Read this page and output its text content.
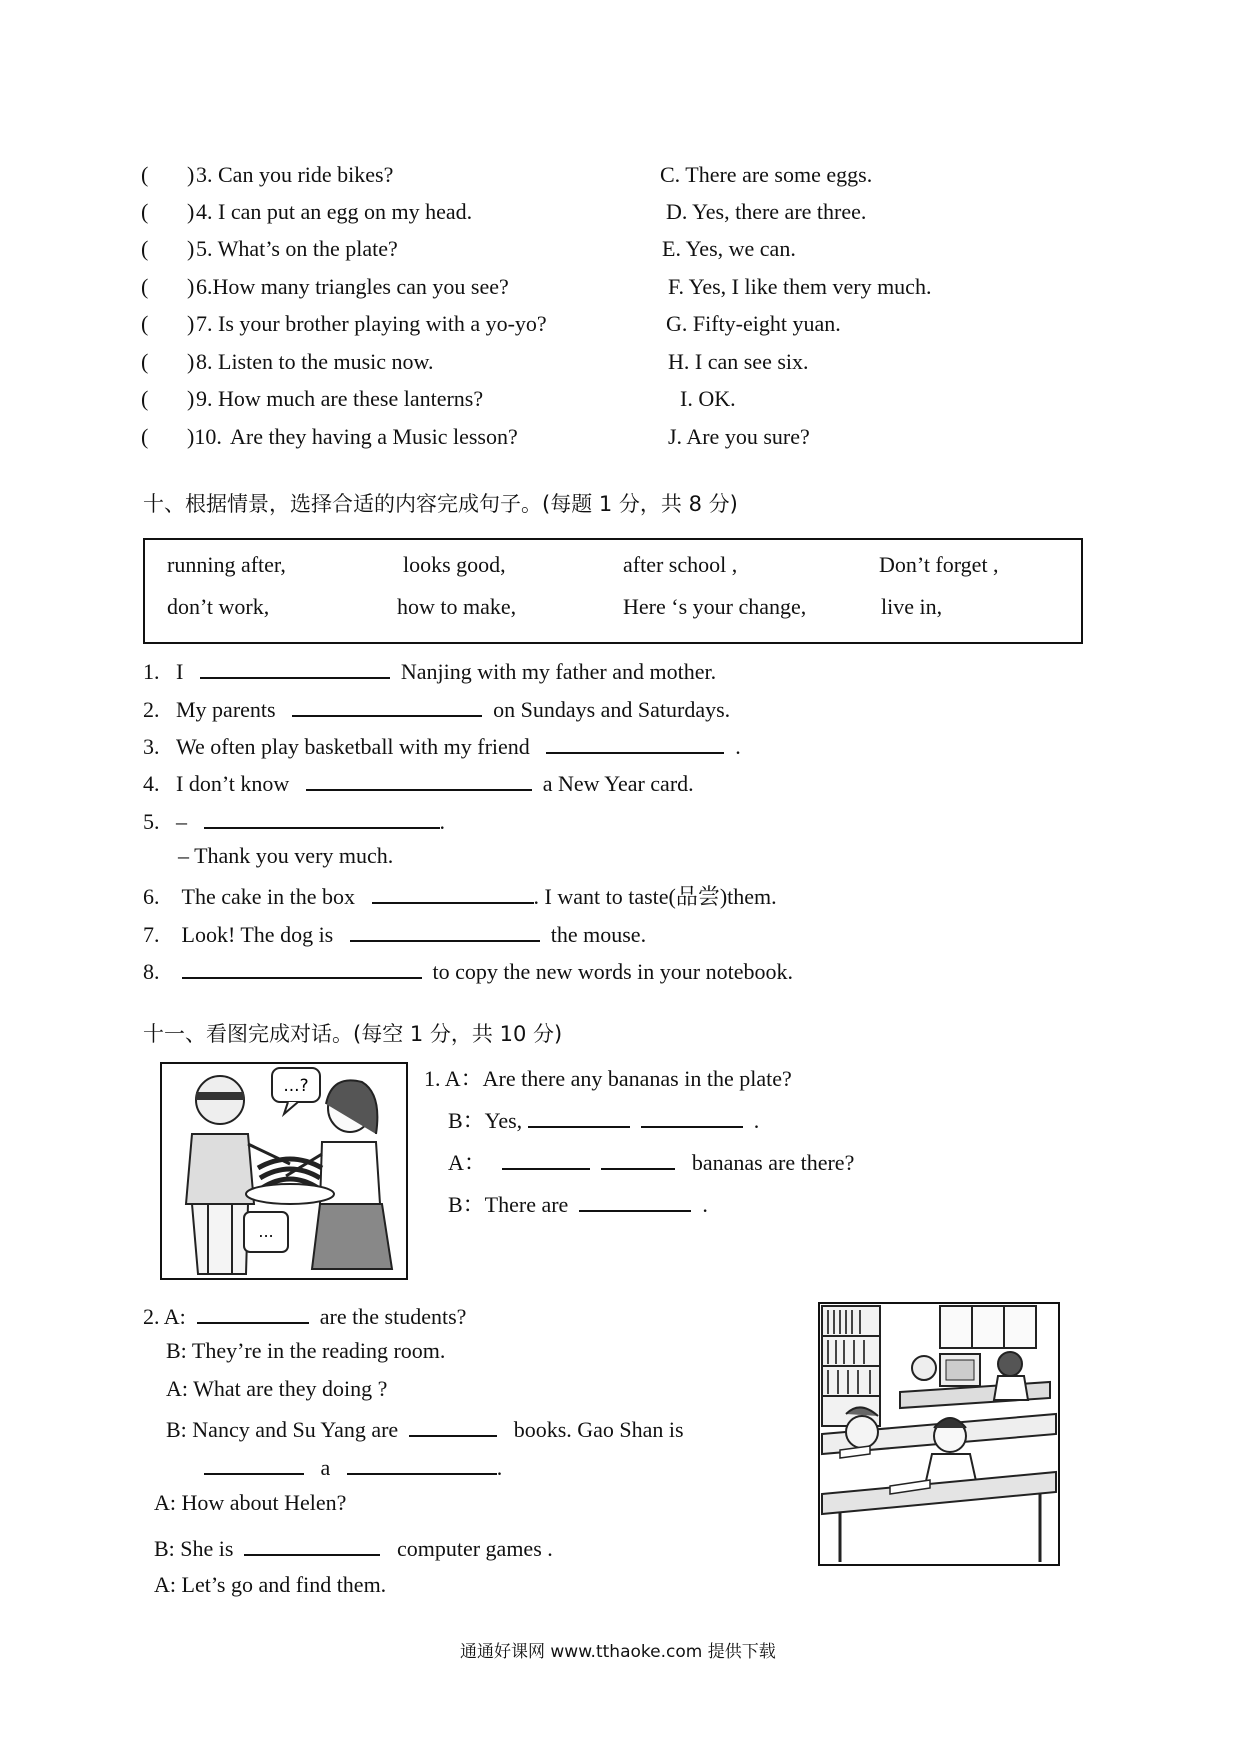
( ) 3. Can you ride bikes?	C. There are some eggs.
( ) 4. I can put an egg on my head.	D. Yes, there are three.
( ) 5. What’s on the plate?	E. Yes, we can.
( ) 6.How many triangles can you see?	F. Yes, I like them very much.
( ) 7. Is your brother playing with a yo-yo?	G. Fifty-eight yuan.
( ) 8. Listen to the music now.	H. I can see six.
( ) 9. How much are these lanterns?	I. OK.
( )10. Are they having a Music lesson?	J. Are you sure?
十、根据情景，选择合适的内容完成句子。(每题 1 分，共 8 分)
running after,	looks good,	after school ,	Don’t forget ,
don’t work,	how to make,	Here ‘s your change,	live in,
1. I	Nanjing with my father and mother.
2. My parents	on Sundays and Saturdays.
3. We often play basketball with my friend	.
4. I don’t know	a New Year card.
5. –	.
– Thank you very much.
6. The cake in the box	. I want to taste(品尝)them.
7. Look! The dog is	the mouse.
8.	to copy the new words in your notebook.
十一、看图完成对话。(每空 1 分，共 10 分)
...?
...
1. A：Are there any bananas in the plate?
B：Yes,	.
A：	bananas are there?
B：There are	.
2. A:	are the students?
B: They’re in the reading room.
A: What are they doing ?
B: Nancy and Su Yang are	books. Gao Shan is
a	.
A: How about Helen?
B: She is	computer games .
A: Let’s go and find them.
通通好课网 www.tthaoke.com 提供下载
